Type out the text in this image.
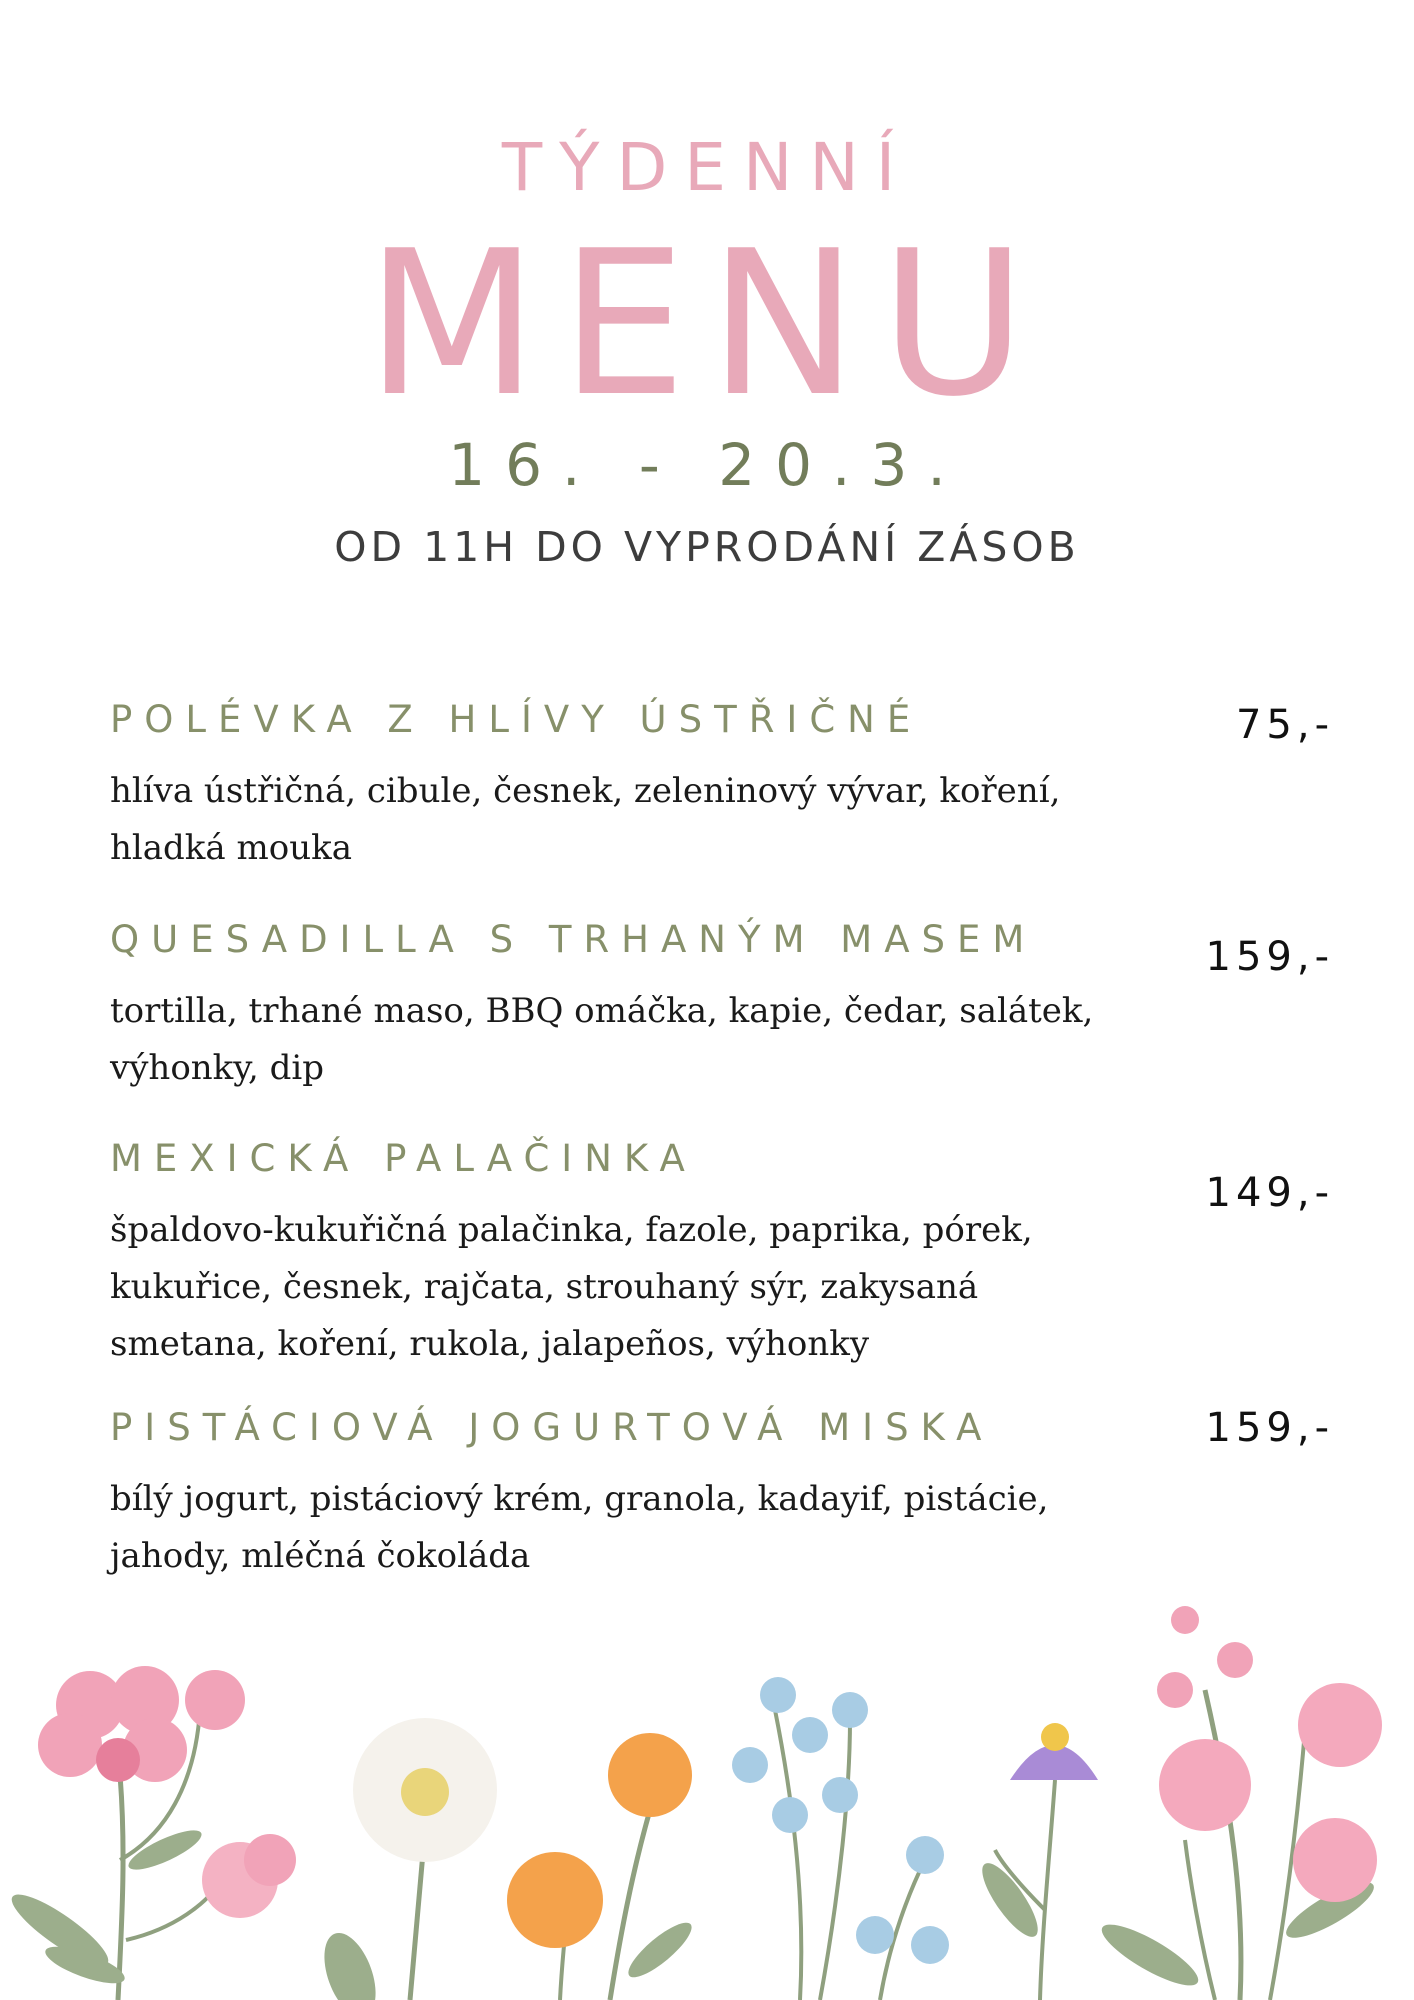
TÝDENNÍ
MENU
16. - 20.3.
OD 11H DO VYPRODÁNÍ ZÁSOB
POLÉVKA Z HLÍVY ÚSTŘIČNÉ
hlíva ústřičná, cibule, česnek, zeleninový vývar, koření, hladká mouka
75,-
QUESADILLA S TRHANÝM MASEM
tortilla, trhané maso, BBQ omáčka, kapie, čedar, salátek, výhonky, dip
159,-
MEXICKÁ PALAČINKA
špaldovo-kukuřičná palačinka, fazole, paprika, pórek, kukuřice, česnek, rajčata, strouhaný sýr, zakysaná smetana, koření, rukola, jalapeños, výhonky
149,-
PISTÁCIOVÁ JOGURTOVÁ MISKA
bílý jogurt, pistáciový krém, granola, kadayif, pistácie, jahody, mléčná čokoláda
159,-
